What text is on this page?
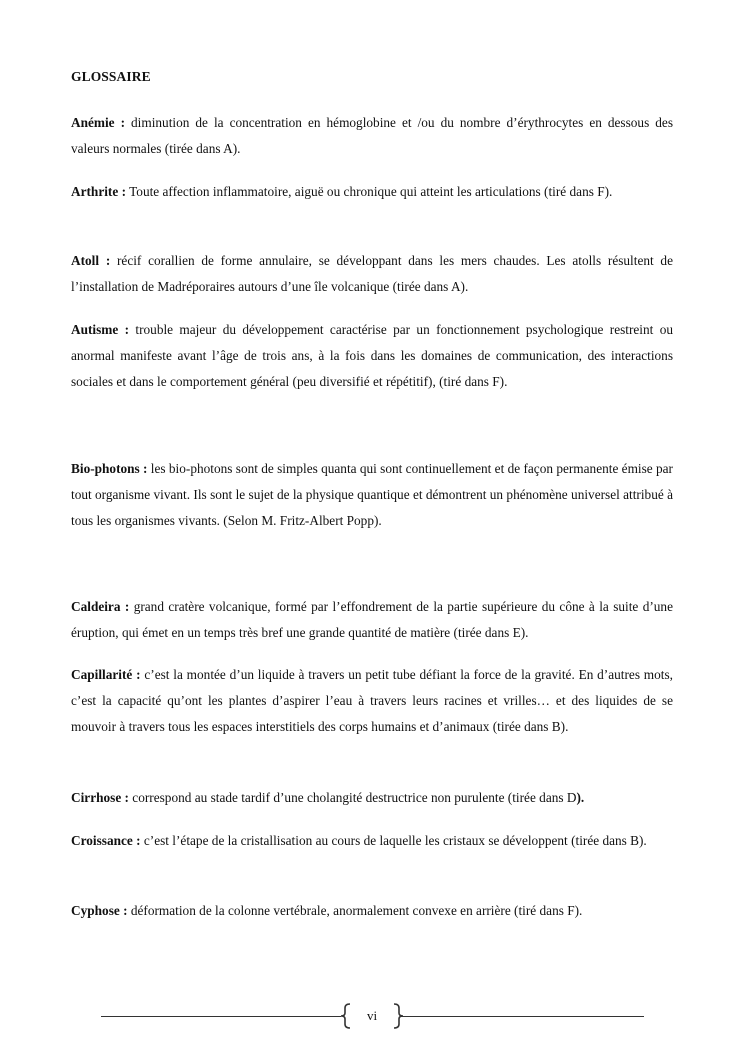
GLOSSAIRE

Anémie : diminution de la concentration en hémoglobine et /ou du nombre d’érythrocytes en dessous des valeurs normales (tirée dans A).

Arthrite : Toute affection inflammatoire, aiguë ou chronique qui atteint les articulations (tiré dans F).

Atoll : récif corallien de forme annulaire, se développant dans les mers chaudes. Les atolls résultent de l’installation de Madréporaires autours d’une île volcanique (tirée dans A).

Autisme : trouble majeur du développement caractérise par un fonctionnement psychologique restreint ou anormal manifeste avant l’âge de trois ans, à la fois dans les domaines de communication, des interactions sociales et dans le comportement général (peu diversifié et répétitif), (tiré dans F).

Bio-photons : les bio-photons sont de simples quanta qui sont continuellement et de façon permanente émise par tout organisme vivant. Ils sont le sujet de la physique quantique et démontrent un phénomène universel attribué à tous les organismes vivants. (Selon M. Fritz-Albert Popp).

Caldeira : grand cratère volcanique, formé par l’effondrement de la partie supérieure du cône à la suite d’une éruption, qui émet en un temps très bref une grande quantité de matière (tirée dans E).

Capillarité : c’est la montée d’un liquide à travers un petit tube défiant la force de la gravité. En d’autres mots, c’est la capacité qu’ont les plantes d’aspirer l’eau à travers leurs racines et vrilles… et des liquides de se mouvoir à travers tous les espaces interstitiels des corps humains et d’animaux (tirée dans B).

Cirrhose : correspond au stade tardif d’une cholangité destructrice non purulente (tirée dans D).

Croissance : c’est l’étape de la cristallisation au cours de laquelle les cristaux se développent (tirée dans B).

Cyphose : déformation de la colonne vertébrale, anormalement convexe en arrière (tiré dans F).

vi
